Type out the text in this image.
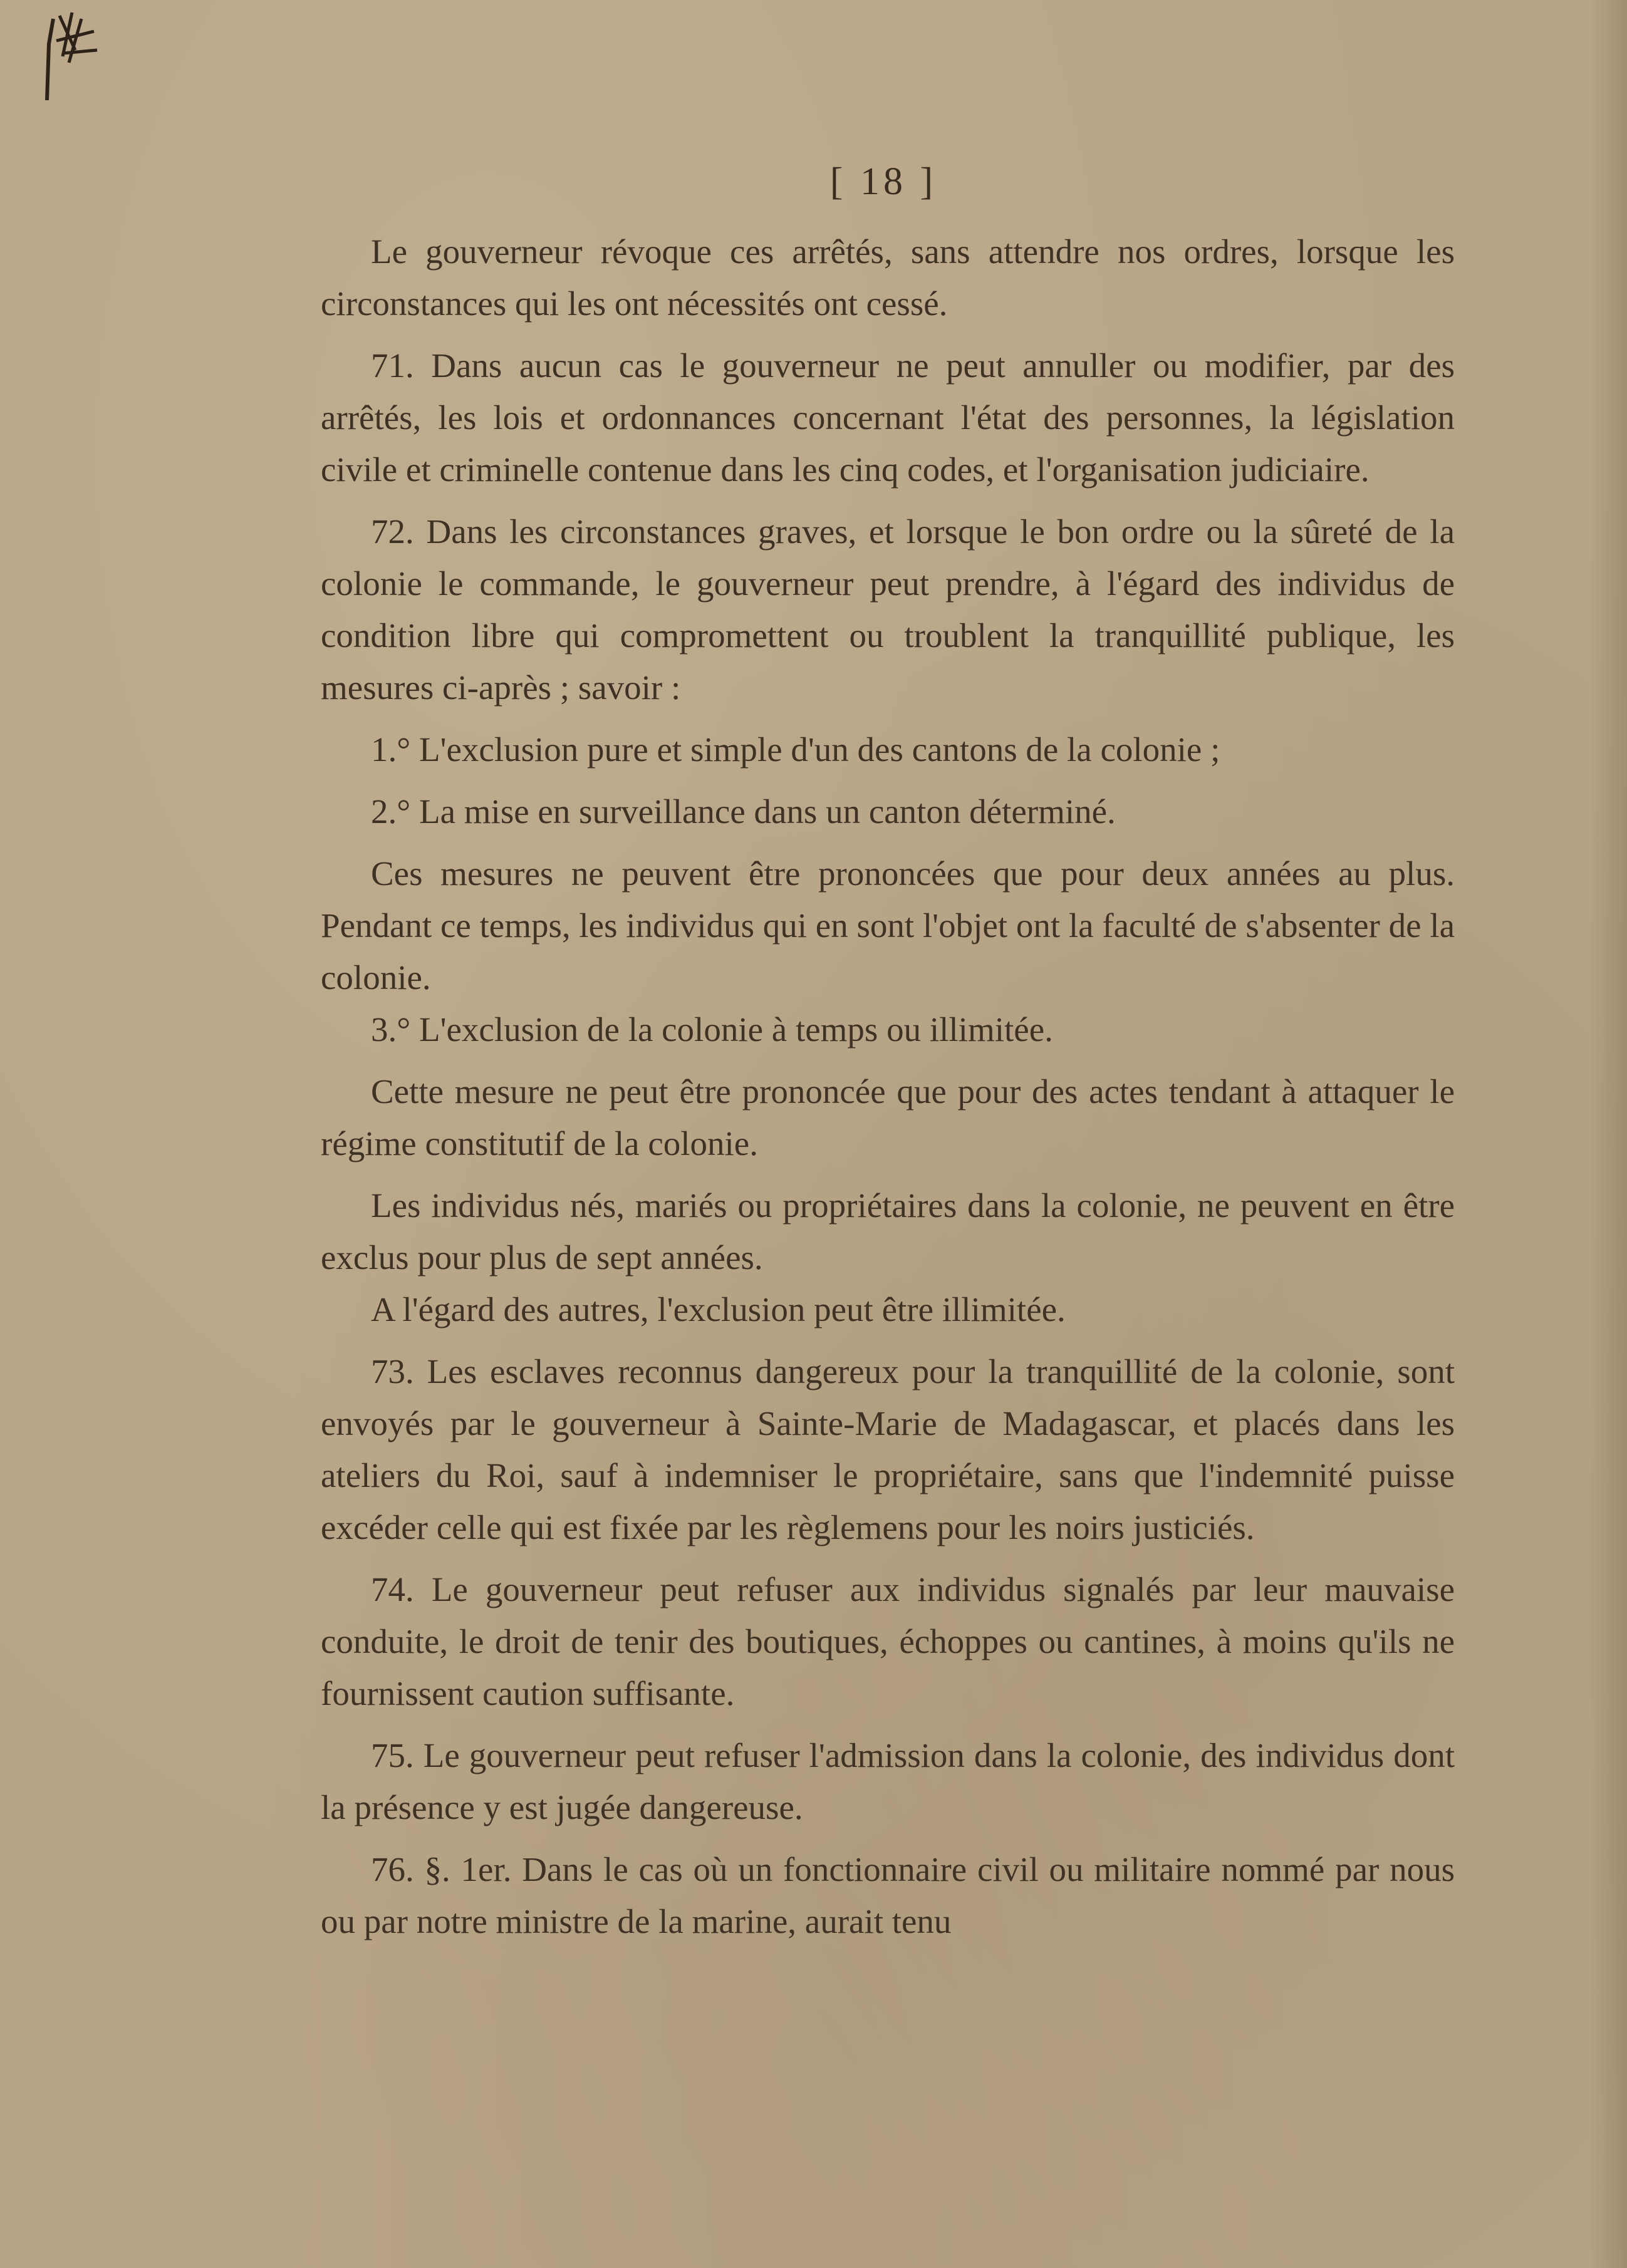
[ 18 ]

Le gouverneur révoque ces arrêtés, sans attendre nos ordres, lorsque les circonstances qui les ont nécessités ont cessé.

71. Dans aucun cas le gouverneur ne peut annuller ou modifier, par des arrêtés, les lois et ordonnances concernant l'état des personnes, la législation civile et criminelle contenue dans les cinq codes, et l'organisation judiciaire.

72. Dans les circonstances graves, et lorsque le bon ordre ou la sûreté de la colonie le commande, le gouverneur peut prendre, à l'égard des individus de condition libre qui compromettent ou troublent la tranquillité publique, les mesures ci-après ; savoir :

1.° L'exclusion pure et simple d'un des cantons de la colonie ;

2.° La mise en surveillance dans un canton déterminé.

Ces mesures ne peuvent être prononcées que pour deux années au plus. Pendant ce temps, les individus qui en sont l'objet ont la faculté de s'absenter de la colonie.

3.° L'exclusion de la colonie à temps ou illimitée.

Cette mesure ne peut être prononcée que pour des actes tendant à attaquer le régime constitutif de la colonie.

Les individus nés, mariés ou propriétaires dans la colonie, ne peuvent en être exclus pour plus de sept années.

A l'égard des autres, l'exclusion peut être illimitée.

73. Les esclaves reconnus dangereux pour la tranquillité de la colonie, sont envoyés par le gouverneur à Sainte-Marie de Madagascar, et placés dans les ateliers du Roi, sauf à indemniser le propriétaire, sans que l'indemnité puisse excéder celle qui est fixée par les règlemens pour les noirs justiciés.

74. Le gouverneur peut refuser aux individus signalés par leur mauvaise conduite, le droit de tenir des boutiques, échoppes ou cantines, à moins qu'ils ne fournissent caution suffisante.

75. Le gouverneur peut refuser l'admission dans la colonie, des individus dont la présence y est jugée dangereuse.

76. §. 1er. Dans le cas où un fonctionnaire civil ou militaire nommé par nous ou par notre ministre de la marine, aurait tenu
